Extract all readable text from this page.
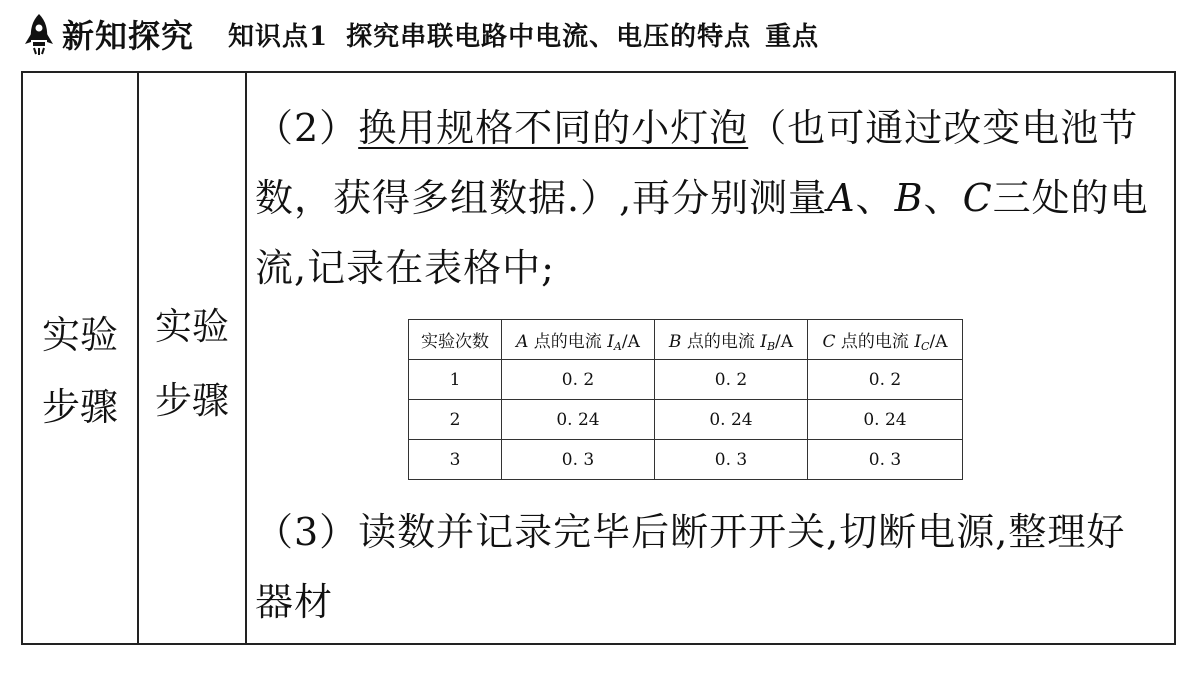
新知探究 知识点1 探究串联电路中电流、电压的特点 重点
实验
步骤
实验
步骤
（2）换用规格不同的小灯泡（也可通过改变电池节数，获得多组数据.）,再分别测量A、B、C三处的电流,记录在表格中;
实验次数	A 点的电流 $I_A/A$	B 点的电流 $I_B/A$	C 点的电流 $I_C/A$
1	0. 2	0. 2	0. 2
2	0. 24	0. 24	0. 24
3	0. 3	0. 3	0. 3
（3）读数并记录完毕后断开开关,切断电源,整理好器材
